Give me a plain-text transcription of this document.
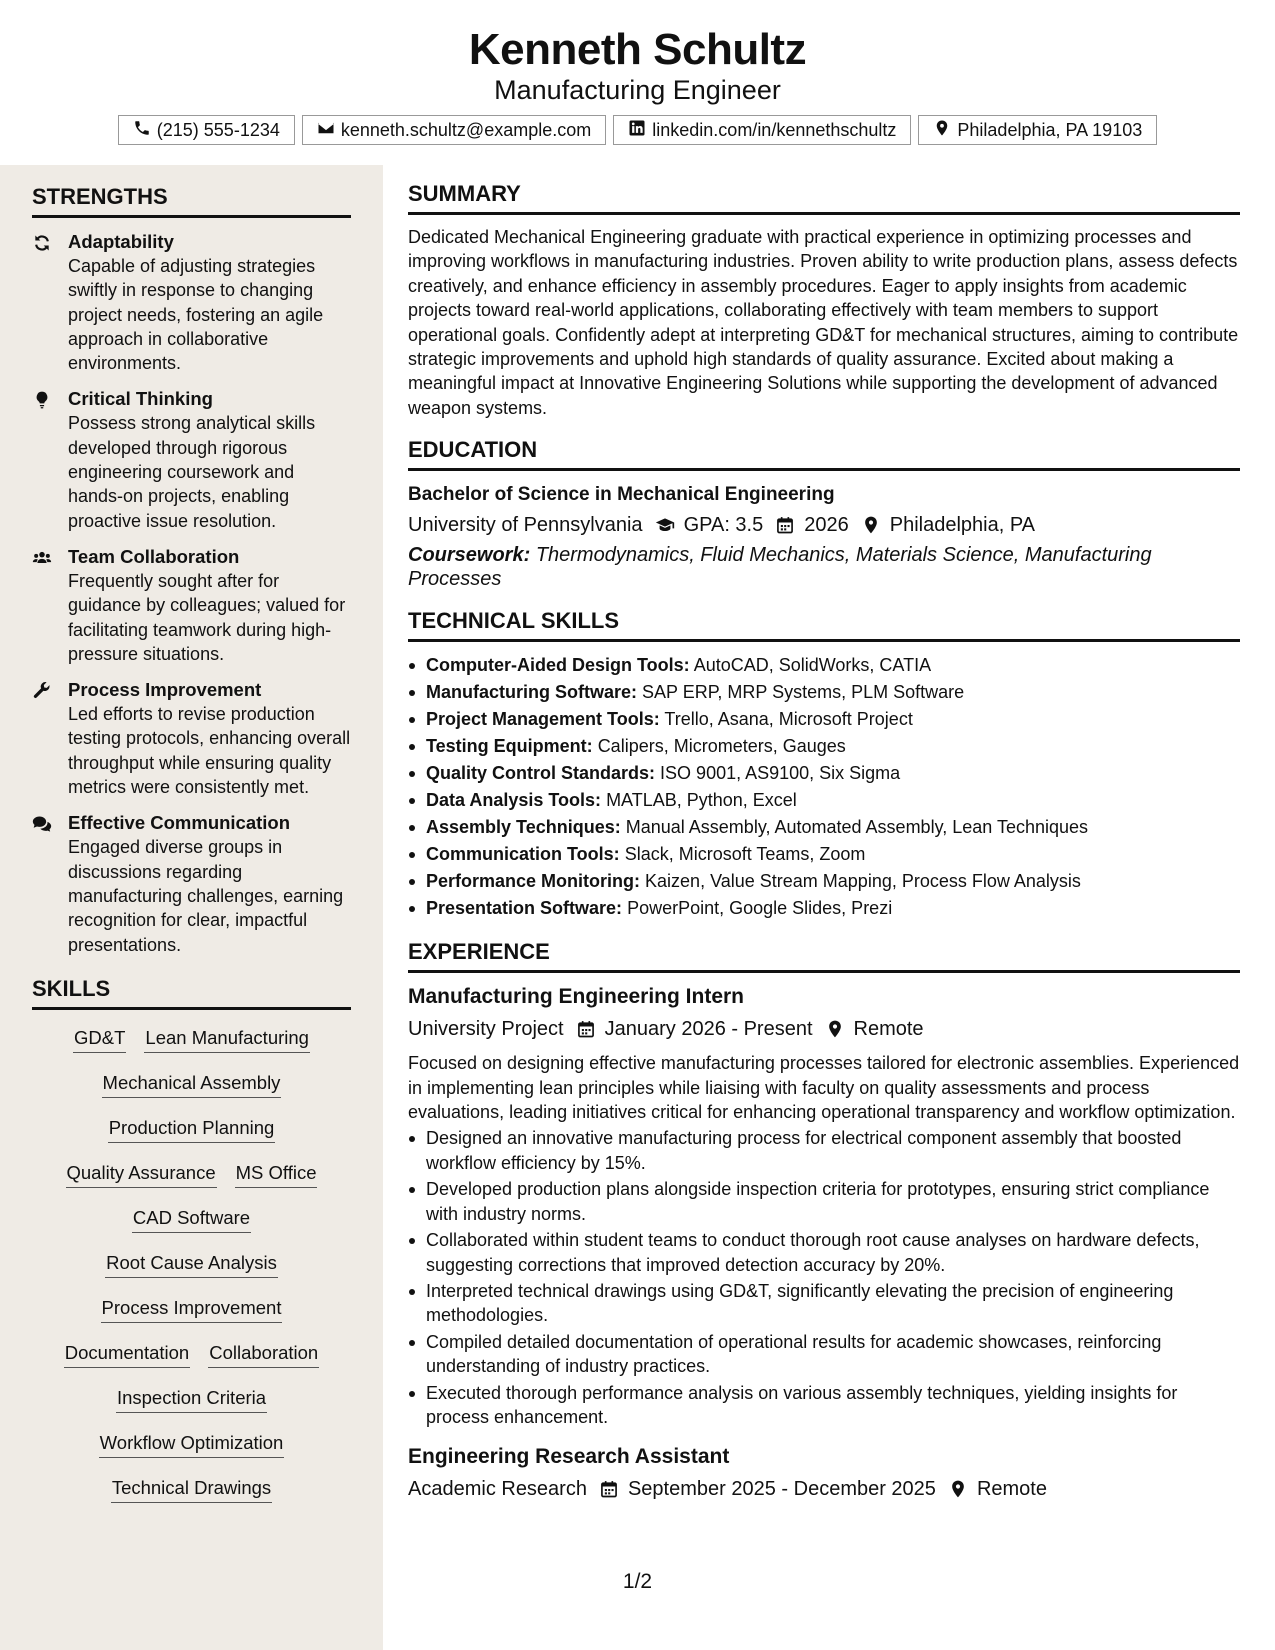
Kenneth Schultz
Manufacturing Engineer
(215) 555-1234	kenneth.schultz@example.com	linkedin.com/in/kennethschultz	Philadelphia, PA 19103
STRENGTHS
Adaptability
Capable of adjusting strategies swiftly in response to changing project needs, fostering an agile approach in collaborative environments.
Critical Thinking
Possess strong analytical skills developed through rigorous engineering coursework and hands-on projects, enabling proactive issue resolution.
Team Collaboration
Frequently sought after for guidance by colleagues; valued for facilitating teamwork during high-pressure situations.
Process Improvement
Led efforts to revise production testing protocols, enhancing overall throughput while ensuring quality metrics were consistently met.
Effective Communication
Engaged diverse groups in discussions regarding manufacturing challenges, earning recognition for clear, impactful presentations.
SKILLS
GD&T Lean Manufacturing
Mechanical Assembly
Production Planning
Quality Assurance MS Office
CAD Software
Root Cause Analysis
Process Improvement
Documentation Collaboration
Inspection Criteria
Workflow Optimization
Technical Drawings
SUMMARY
Dedicated Mechanical Engineering graduate with practical experience in optimizing processes and improving workflows in manufacturing industries. Proven ability to write production plans, assess defects creatively, and enhance efficiency in assembly procedures. Eager to apply insights from academic projects toward real-world applications, collaborating effectively with team members to support operational goals. Confidently adept at interpreting GD&T for mechanical structures, aiming to contribute strategic improvements and uphold high standards of quality assurance. Excited about making a meaningful impact at Innovative Engineering Solutions while supporting the development of advanced weapon systems.
EDUCATION
Bachelor of Science in Mechanical Engineering
University of Pennsylvania GPA: 3.5 2026 Philadelphia, PA
Coursework: Thermodynamics, Fluid Mechanics, Materials Science, Manufacturing Processes
TECHNICAL SKILLS
Computer-Aided Design Tools: AutoCAD, SolidWorks, CATIA
Manufacturing Software: SAP ERP, MRP Systems, PLM Software
Project Management Tools: Trello, Asana, Microsoft Project
Testing Equipment: Calipers, Micrometers, Gauges
Quality Control Standards: ISO 9001, AS9100, Six Sigma
Data Analysis Tools: MATLAB, Python, Excel
Assembly Techniques: Manual Assembly, Automated Assembly, Lean Techniques
Communication Tools: Slack, Microsoft Teams, Zoom
Performance Monitoring: Kaizen, Value Stream Mapping, Process Flow Analysis
Presentation Software: PowerPoint, Google Slides, Prezi
EXPERIENCE
Manufacturing Engineering Intern
University Project January 2026 - Present Remote
Focused on designing effective manufacturing processes tailored for electronic assemblies. Experienced in implementing lean principles while liaising with faculty on quality assessments and process evaluations, leading initiatives critical for enhancing operational transparency and workflow optimization.
Designed an innovative manufacturing process for electrical component assembly that boosted workflow efficiency by 15%.
Developed production plans alongside inspection criteria for prototypes, ensuring strict compliance with industry norms.
Collaborated within student teams to conduct thorough root cause analyses on hardware defects, suggesting corrections that improved detection accuracy by 20%.
Interpreted technical drawings using GD&T, significantly elevating the precision of engineering methodologies.
Compiled detailed documentation of operational results for academic showcases, reinforcing understanding of industry practices.
Executed thorough performance analysis on various assembly techniques, yielding insights for process enhancement.
Engineering Research Assistant
Academic Research September 2025 - December 2025 Remote
1/2
